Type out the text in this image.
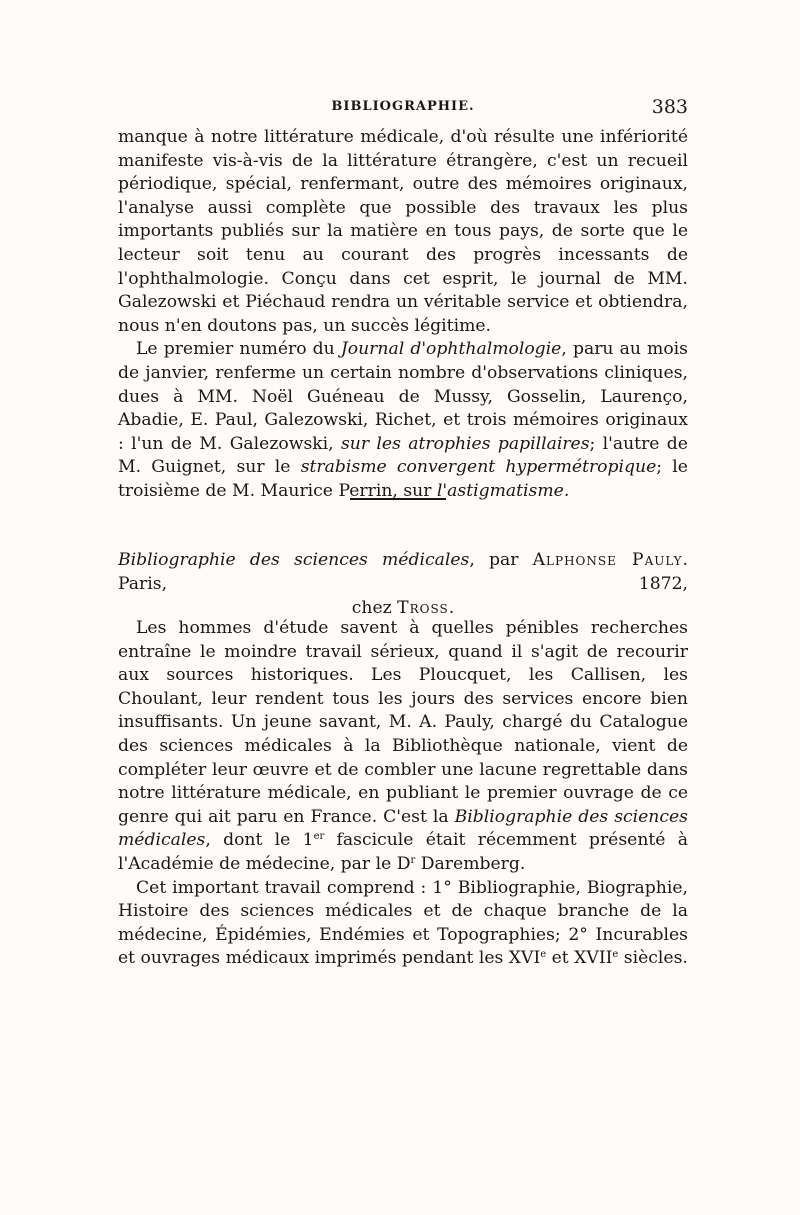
BIBLIOGRAPHIE.	383

manque à notre littérature médicale, d'où résulte une infériorité manifeste vis-à-vis de la littérature étrangère, c'est un recueil périodique, spécial, renfermant, outre des mémoires originaux, l'analyse aussi complète que possible des travaux les plus importants publiés sur la matière en tous pays, de sorte que le lecteur soit tenu au courant des progrès incessants de l'ophthalmologie. Conçu dans cet esprit, le journal de MM. Galezowski et Piéchaud rendra un véritable service et obtiendra, nous n'en doutons pas, un succès légitime.

Le premier numéro du Journal d'ophthalmologie, paru au mois de janvier, renferme un certain nombre d'observations cliniques, dues à MM. Noël Guéneau de Mussy, Gosselin, Laurenço, Abadie, E. Paul, Galezowski, Richet, et trois mémoires originaux : l'un de M. Galezowski, sur les atrophies papillaires; l'autre de M. Guignet, sur le strabisme convergent hypermétropique; le troisième de M. Maurice Perrin, sur l'astigmatisme.

Bibliographie des sciences médicales, par Alphonse Pauly. Paris, 1872,
chez Tross.

Les hommes d'étude savent à quelles pénibles recherches entraîne le moindre travail sérieux, quand il s'agit de recourir aux sources historiques. Les Ploucquet, les Callisen, les Choulant, leur rendent tous les jours des services encore bien insuffisants. Un jeune savant, M. A. Pauly, chargé du Catalogue des sciences médicales à la Bibliothèque nationale, vient de compléter leur œuvre et de combler une lacune regrettable dans notre littérature médicale, en publiant le premier ouvrage de ce genre qui ait paru en France. C'est la Bibliographie des sciences médicales, dont le 1er fascicule était récemment présenté à l'Académie de médecine, par le $D^r$ Daremberg.

Cet important travail comprend : 1° Bibliographie, Biographie, Histoire des sciences médicales et de chaque branche de la médecine, Épidémies, Endémies et Topographies; 2° Incurables et ouvrages médicaux imprimés pendant les XVIe et XVIIe siècles.
